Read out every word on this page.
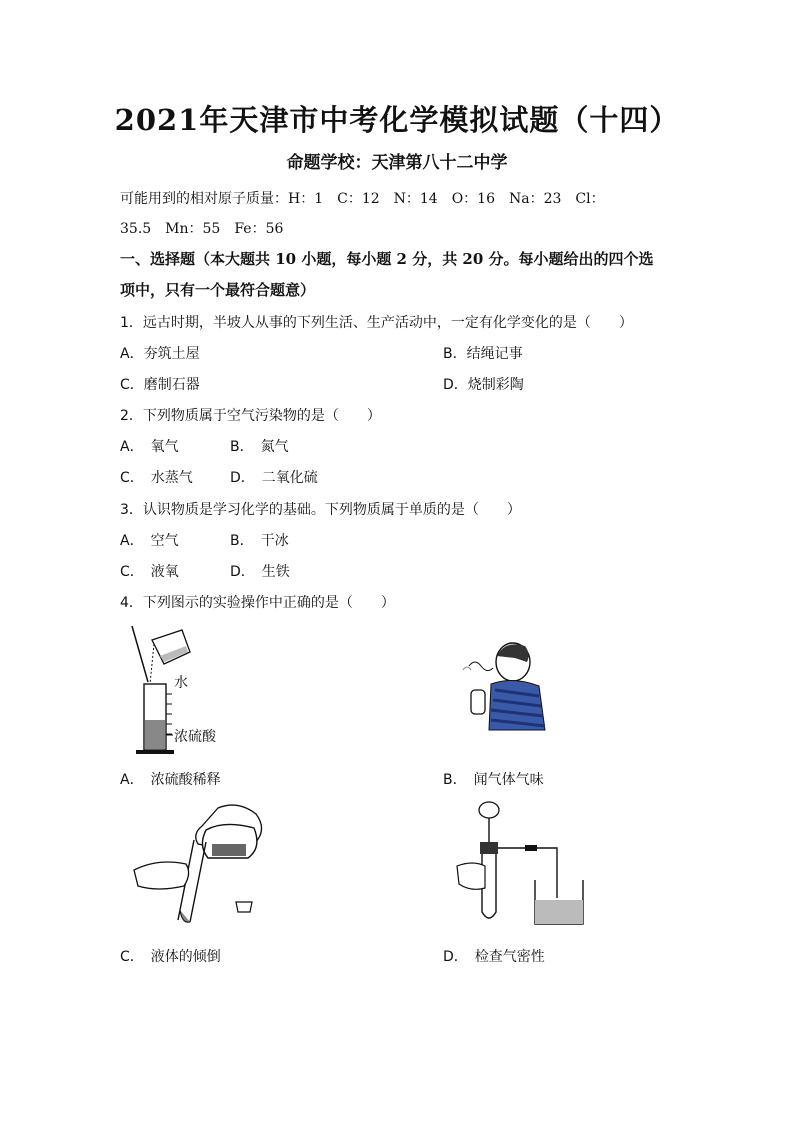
2021年天津市中考化学模拟试题（十四）
命题学校：天津第八十二中学
可能用到的相对原子质量：H：1　C：12　N：14　O：16　Na：23　Cl：
35.5　Mn：55　Fe：56
一、选择题（本大题共 10 小题，每小题 2 分，共 20 分。每小题给出的四个选
项中，只有一个最符合题意）
1．远古时期，半坡人从事的下列生活、生产活动中，一定有化学变化的是（　　）
A．夯筑土屋	B．结绳记事
C．磨制石器	D．烧制彩陶
2．下列物质属于空气污染物的是（　　）
A．　氧气	B．　氮气
C．　水蒸气	D．　二氧化硫
3．认识物质是学习化学的基础。下列物质属于单质的是（　　）
A．　空气	B．　干冰
C．　液氧	D．　生铁
4．下列图示的实验操作中正确的是（　　）
水
浓硫酸
A．　浓硫酸稀释	B．　闻气体气味
C．　液体的倾倒	D．　检查气密性
